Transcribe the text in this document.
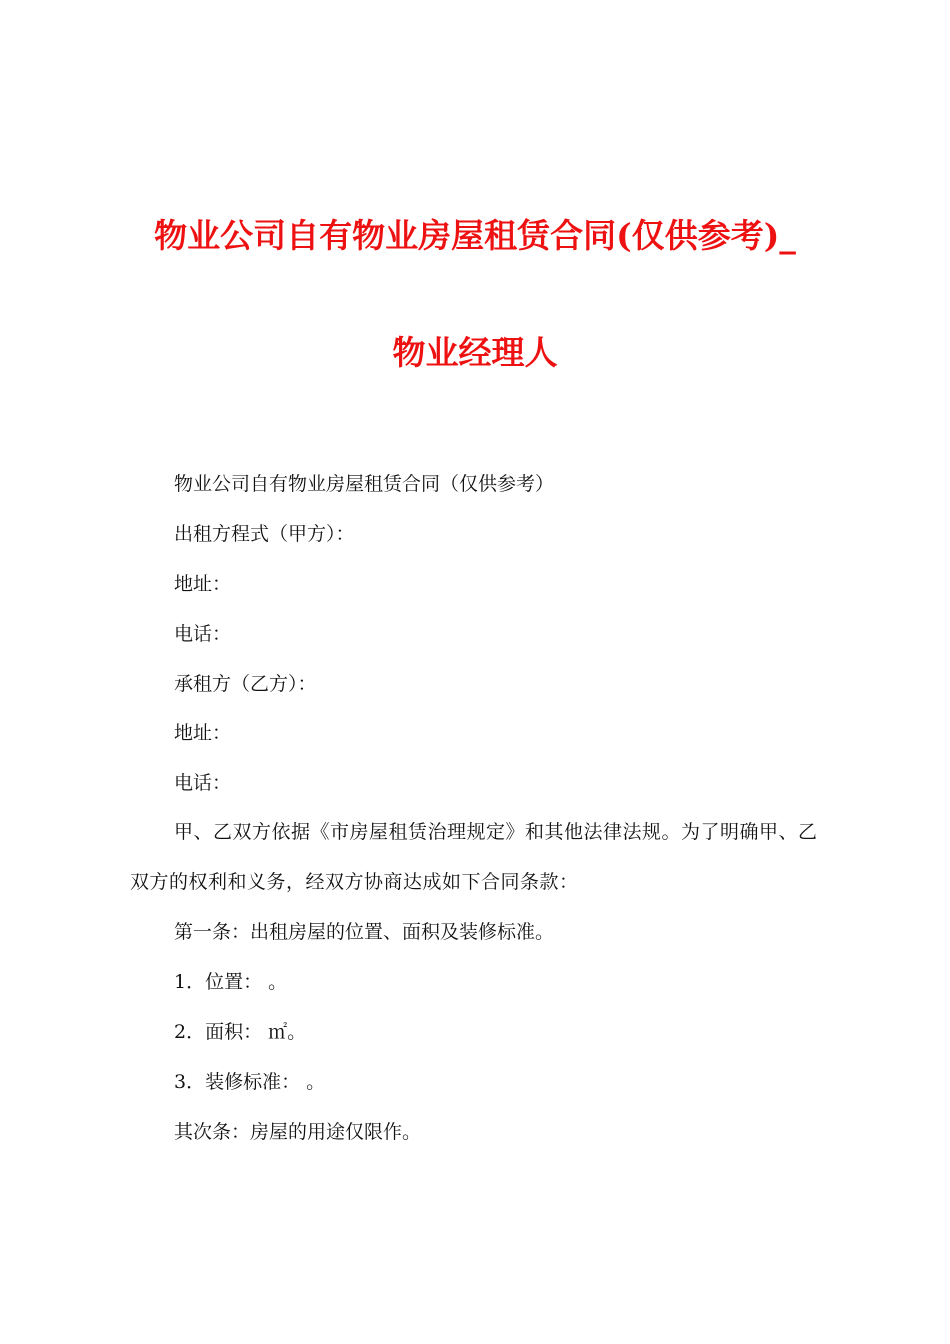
物业公司自有物业房屋租赁合同(仅供参考)_
物业经理人
物业公司自有物业房屋租赁合同（仅供参考）
出租方程式（甲方）：
地址：
电话：
承租方（乙方）：
地址：
电话：
甲、乙双方依据《市房屋租赁治理规定》和其他法律法规。为了明确甲、乙双方的权利和义务，经双方协商达成如下合同条款：
第一条：出租房屋的位置、面积及装修标准。
1．位置： 。
2．面积： ㎡。
3．装修标准： 。
其次条：房屋的用途仅限作。
